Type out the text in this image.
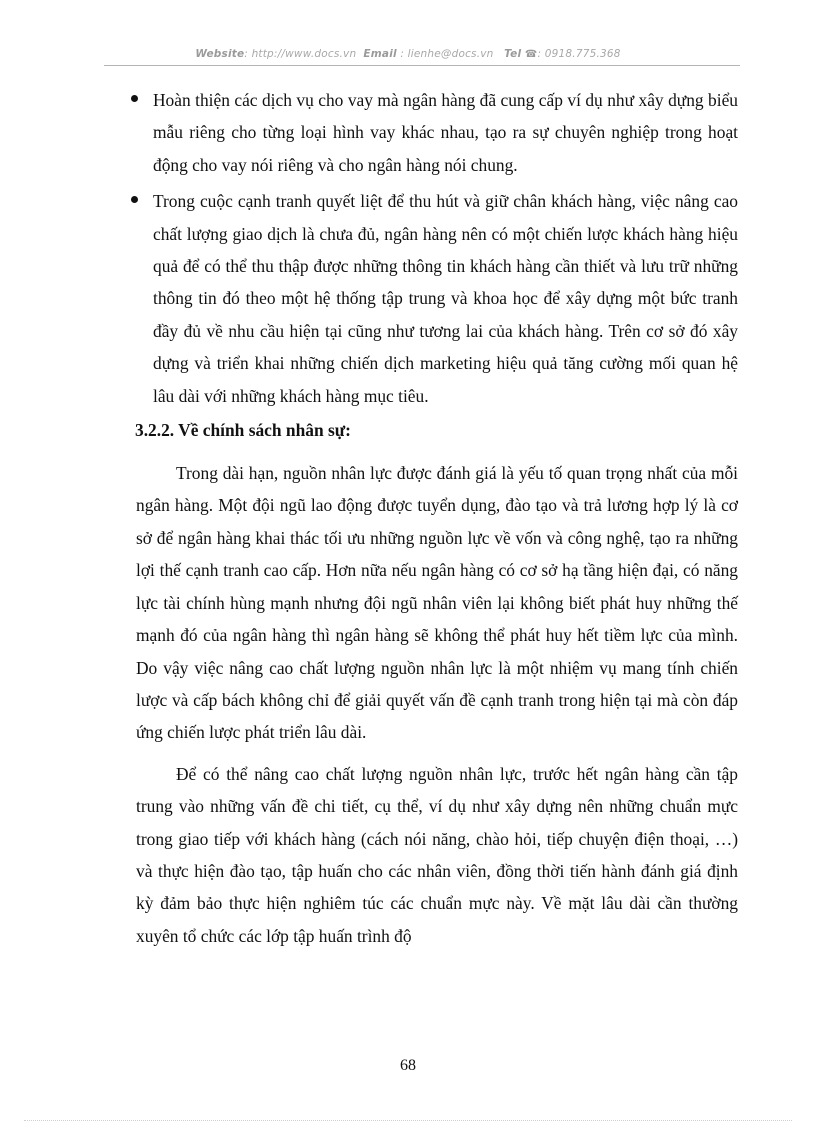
Website: http://www.docs.vn Email : lienhe@docs.vn Tel ☎: 0918.775.368
Hoàn thiện các dịch vụ cho vay mà ngân hàng đã cung cấp ví dụ như xây dựng biểu mẫu riêng cho từng loại hình vay khác nhau, tạo ra sự chuyên nghiệp trong hoạt động cho vay nói riêng và cho ngân hàng nói chung.
Trong cuộc cạnh tranh quyết liệt để thu hút và giữ chân khách hàng, việc nâng cao chất lượng giao dịch là chưa đủ, ngân hàng nên có một chiến lược khách hàng hiệu quả để có thể thu thập được những thông tin khách hàng cần thiết và lưu trữ những thông tin đó theo một hệ thống tập trung và khoa học để xây dựng một bức tranh đầy đủ về nhu cầu hiện tại cũng như tương lai của khách hàng. Trên cơ sở đó xây dựng và triển khai những chiến dịch marketing hiệu quả tăng cường mối quan hệ lâu dài với những khách hàng mục tiêu.
3.2.2. Về chính sách nhân sự:

Trong dài hạn, nguồn nhân lực được đánh giá là yếu tố quan trọng nhất của mỗi ngân hàng. Một đội ngũ lao động được tuyển dụng, đào tạo và trả lương hợp lý là cơ sở để ngân hàng khai thác tối ưu những nguồn lực về vốn và công nghệ, tạo ra những lợi thế cạnh tranh cao cấp. Hơn nữa nếu ngân hàng có cơ sở hạ tầng hiện đại, có năng lực tài chính hùng mạnh nhưng đội ngũ nhân viên lại không biết phát huy những thế mạnh đó của ngân hàng thì ngân hàng sẽ không thể phát huy hết tiềm lực của mình. Do vậy việc nâng cao chất lượng nguồn nhân lực là một nhiệm vụ mang tính chiến lược và cấp bách không chỉ để giải quyết vấn đề cạnh tranh trong hiện tại mà còn đáp ứng chiến lược phát triển lâu dài.

Để có thể nâng cao chất lượng nguồn nhân lực, trước hết ngân hàng cần tập trung vào những vấn đề chi tiết, cụ thể, ví dụ như xây dựng nên những chuẩn mực trong giao tiếp với khách hàng (cách nói năng, chào hỏi, tiếp chuyện điện thoại, …) và thực hiện đào tạo, tập huấn cho các nhân viên, đồng thời tiến hành đánh giá định kỳ đảm bảo thực hiện nghiêm túc các chuẩn mực này. Về mặt lâu dài cần thường xuyên tổ chức các lớp tập huấn trình độ

68
